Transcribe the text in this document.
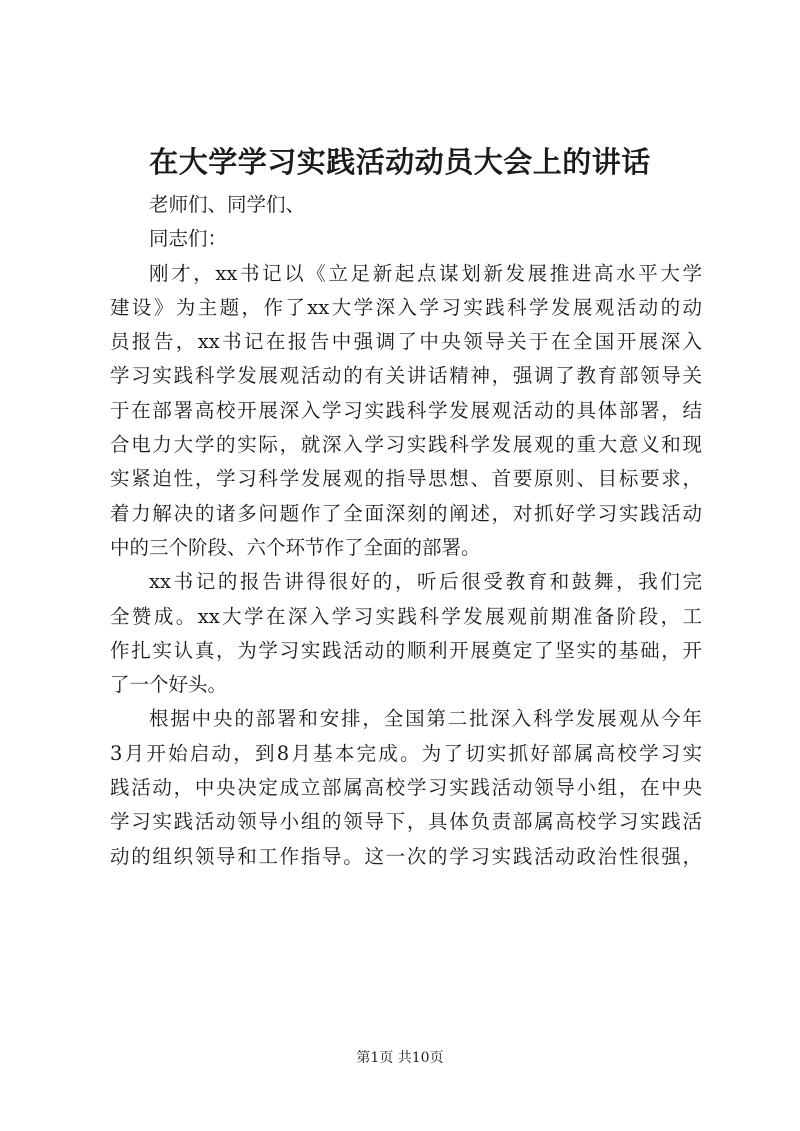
在大学学习实践活动动员大会上的讲话
老师们、同学们、
同志们：
刚才，xx书记以《立足新起点谋划新发展推进高水平大学
建设》为主题，作了xx大学深入学习实践科学发展观活动的动
员报告，xx书记在报告中强调了中央领导关于在全国开展深入
学习实践科学发展观活动的有关讲话精神，强调了教育部领导关
于在部署高校开展深入学习实践科学发展观活动的具体部署，结
合电力大学的实际，就深入学习实践科学发展观的重大意义和现
实紧迫性，学习科学发展观的指导思想、首要原则、目标要求，
着力解决的诸多问题作了全面深刻的阐述，对抓好学习实践活动
中的三个阶段、六个环节作了全面的部署。
xx书记的报告讲得很好的，听后很受教育和鼓舞，我们完
全赞成。xx大学在深入学习实践科学发展观前期准备阶段，工
作扎实认真，为学习实践活动的顺利开展奠定了坚实的基础，开
了一个好头。
根据中央的部署和安排，全国第二批深入科学发展观从今年
3月开始启动，到8月基本完成。为了切实抓好部属高校学习实
践活动，中央决定成立部属高校学习实践活动领导小组，在中央
学习实践活动领导小组的领导下，具体负责部属高校学习实践活
动的组织领导和工作指导。这一次的学习实践活动政治性很强，
第1页 共10页
